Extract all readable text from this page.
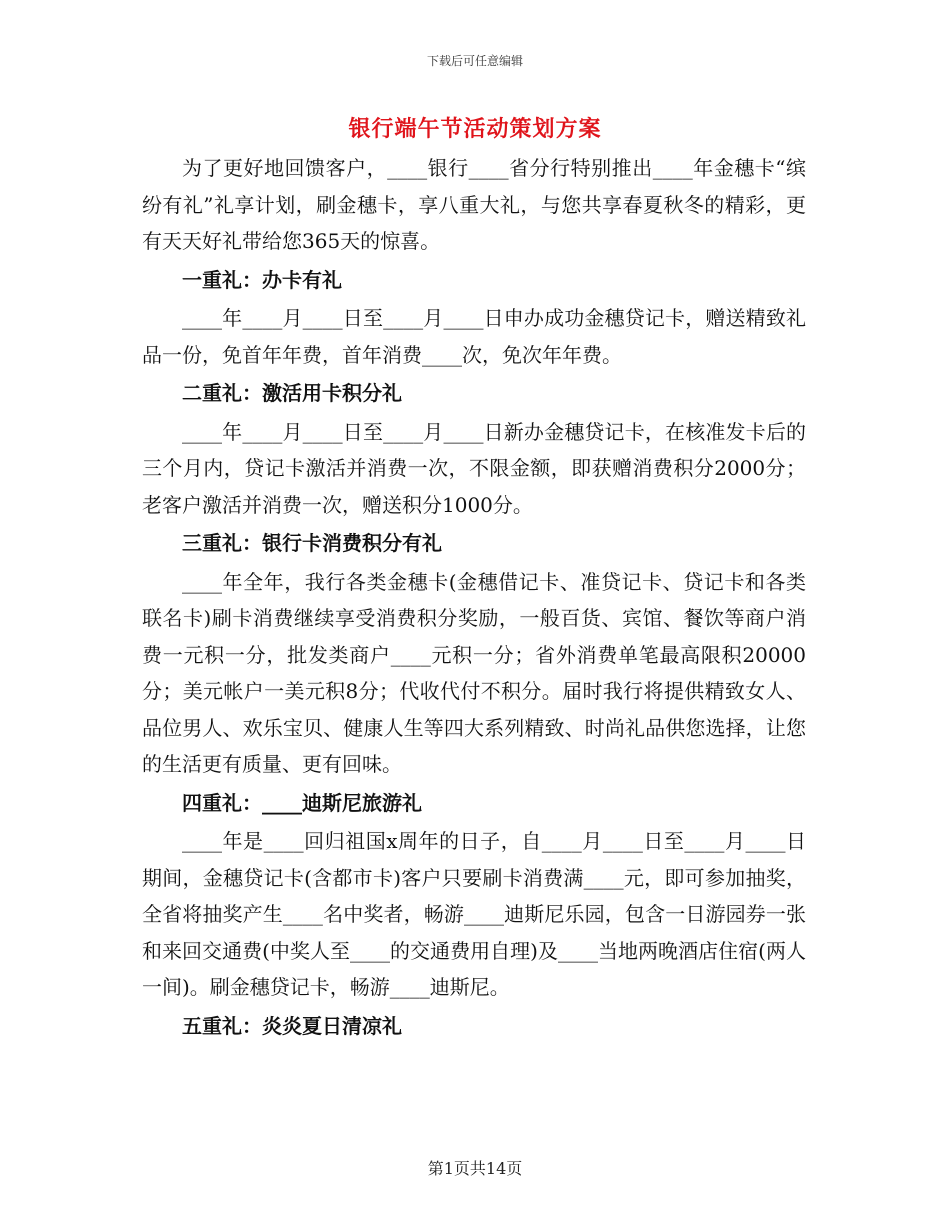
下载后可任意编辑
银行端午节活动策划方案

为了更好地回馈客户，____银行____省分行特别推出____年金穗卡“缤纷有礼”礼享计划，刷金穗卡，享八重大礼，与您共享春夏秋冬的精彩，更有天天好礼带给您365天的惊喜。

一重礼：办卡有礼

____年____月____日至____月____日申办成功金穗贷记卡，赠送精致礼品一份，免首年年费，首年消费____次，免次年年费。

二重礼：激活用卡积分礼

____年____月____日至____月____日新办金穗贷记卡，在核准发卡后的三个月内，贷记卡激活并消费一次，不限金额，即获赠消费积分2000分；老客户激活并消费一次，赠送积分1000分。

三重礼：银行卡消费积分有礼

____年全年，我行各类金穗卡(金穗借记卡、准贷记卡、贷记卡和各类联名卡)刷卡消费继续享受消费积分奖励，一般百货、宾馆、餐饮等商户消费一元积一分，批发类商户____元积一分；省外消费单笔最高限积20000分；美元帐户一美元积8分；代收代付不积分。届时我行将提供精致女人、品位男人、欢乐宝贝、健康人生等四大系列精致、时尚礼品供您选择，让您的生活更有质量、更有回味。

四重礼：____迪斯尼旅游礼

____年是____回归祖国x周年的日子，自____月____日至____月____日期间，金穗贷记卡(含都市卡)客户只要刷卡消费满____元，即可参加抽奖，全省将抽奖产生____名中奖者，畅游____迪斯尼乐园，包含一日游园券一张和来回交通费(中奖人至____的交通费用自理)及____当地两晚酒店住宿(两人一间)。刷金穗贷记卡，畅游____迪斯尼。

五重礼：炎炎夏日清凉礼

第1页共14页
